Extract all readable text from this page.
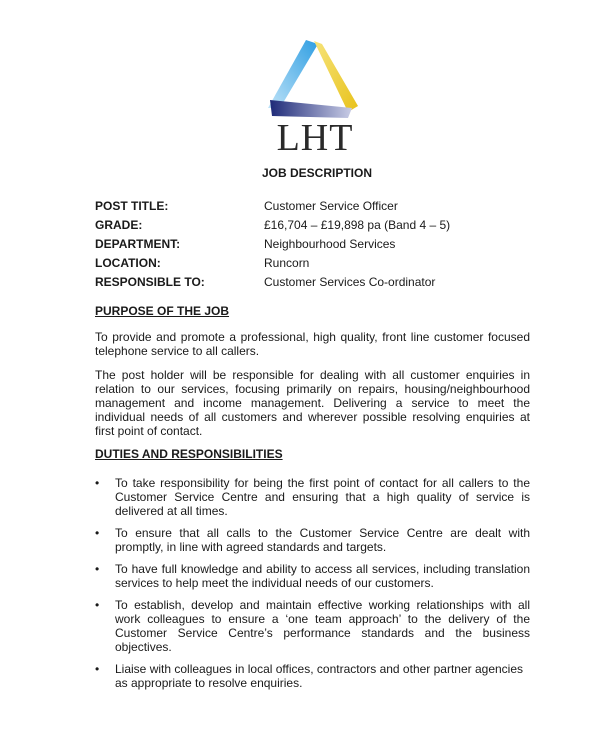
LHT
JOB DESCRIPTION
POST TITLE:	Customer Service Officer
GRADE:	£16,704 – £19,898 pa (Band 4 – 5)
DEPARTMENT:	Neighbourhood Services
LOCATION:	Runcorn
RESPONSIBLE TO:	Customer Services Co-ordinator
PURPOSE OF THE JOB
To provide and promote a professional, high quality, front line customer focused telephone service to all callers.
The post holder will be responsible for dealing with all customer enquiries in relation to our services, focusing primarily on repairs, housing/neighbourhood management and income management. Delivering a service to meet the individual needs of all customers and wherever possible resolving enquiries at first point of contact.
DUTIES AND RESPONSIBILITIES
• To take responsibility for being the first point of contact for all callers to the Customer Service Centre and ensuring that a high quality of service is delivered at all times.
• To ensure that all calls to the Customer Service Centre are dealt with promptly, in line with agreed standards and targets.
• To have full knowledge and ability to access all services, including translation services to help meet the individual needs of our customers.
• To establish, develop and maintain effective working relationships with all work colleagues to ensure a ‘one team approach’ to the delivery of the Customer Service Centre’s performance standards and the business objectives.
• Liaise with colleagues in local offices, contractors and other partner agencies as appropriate to resolve enquiries.
